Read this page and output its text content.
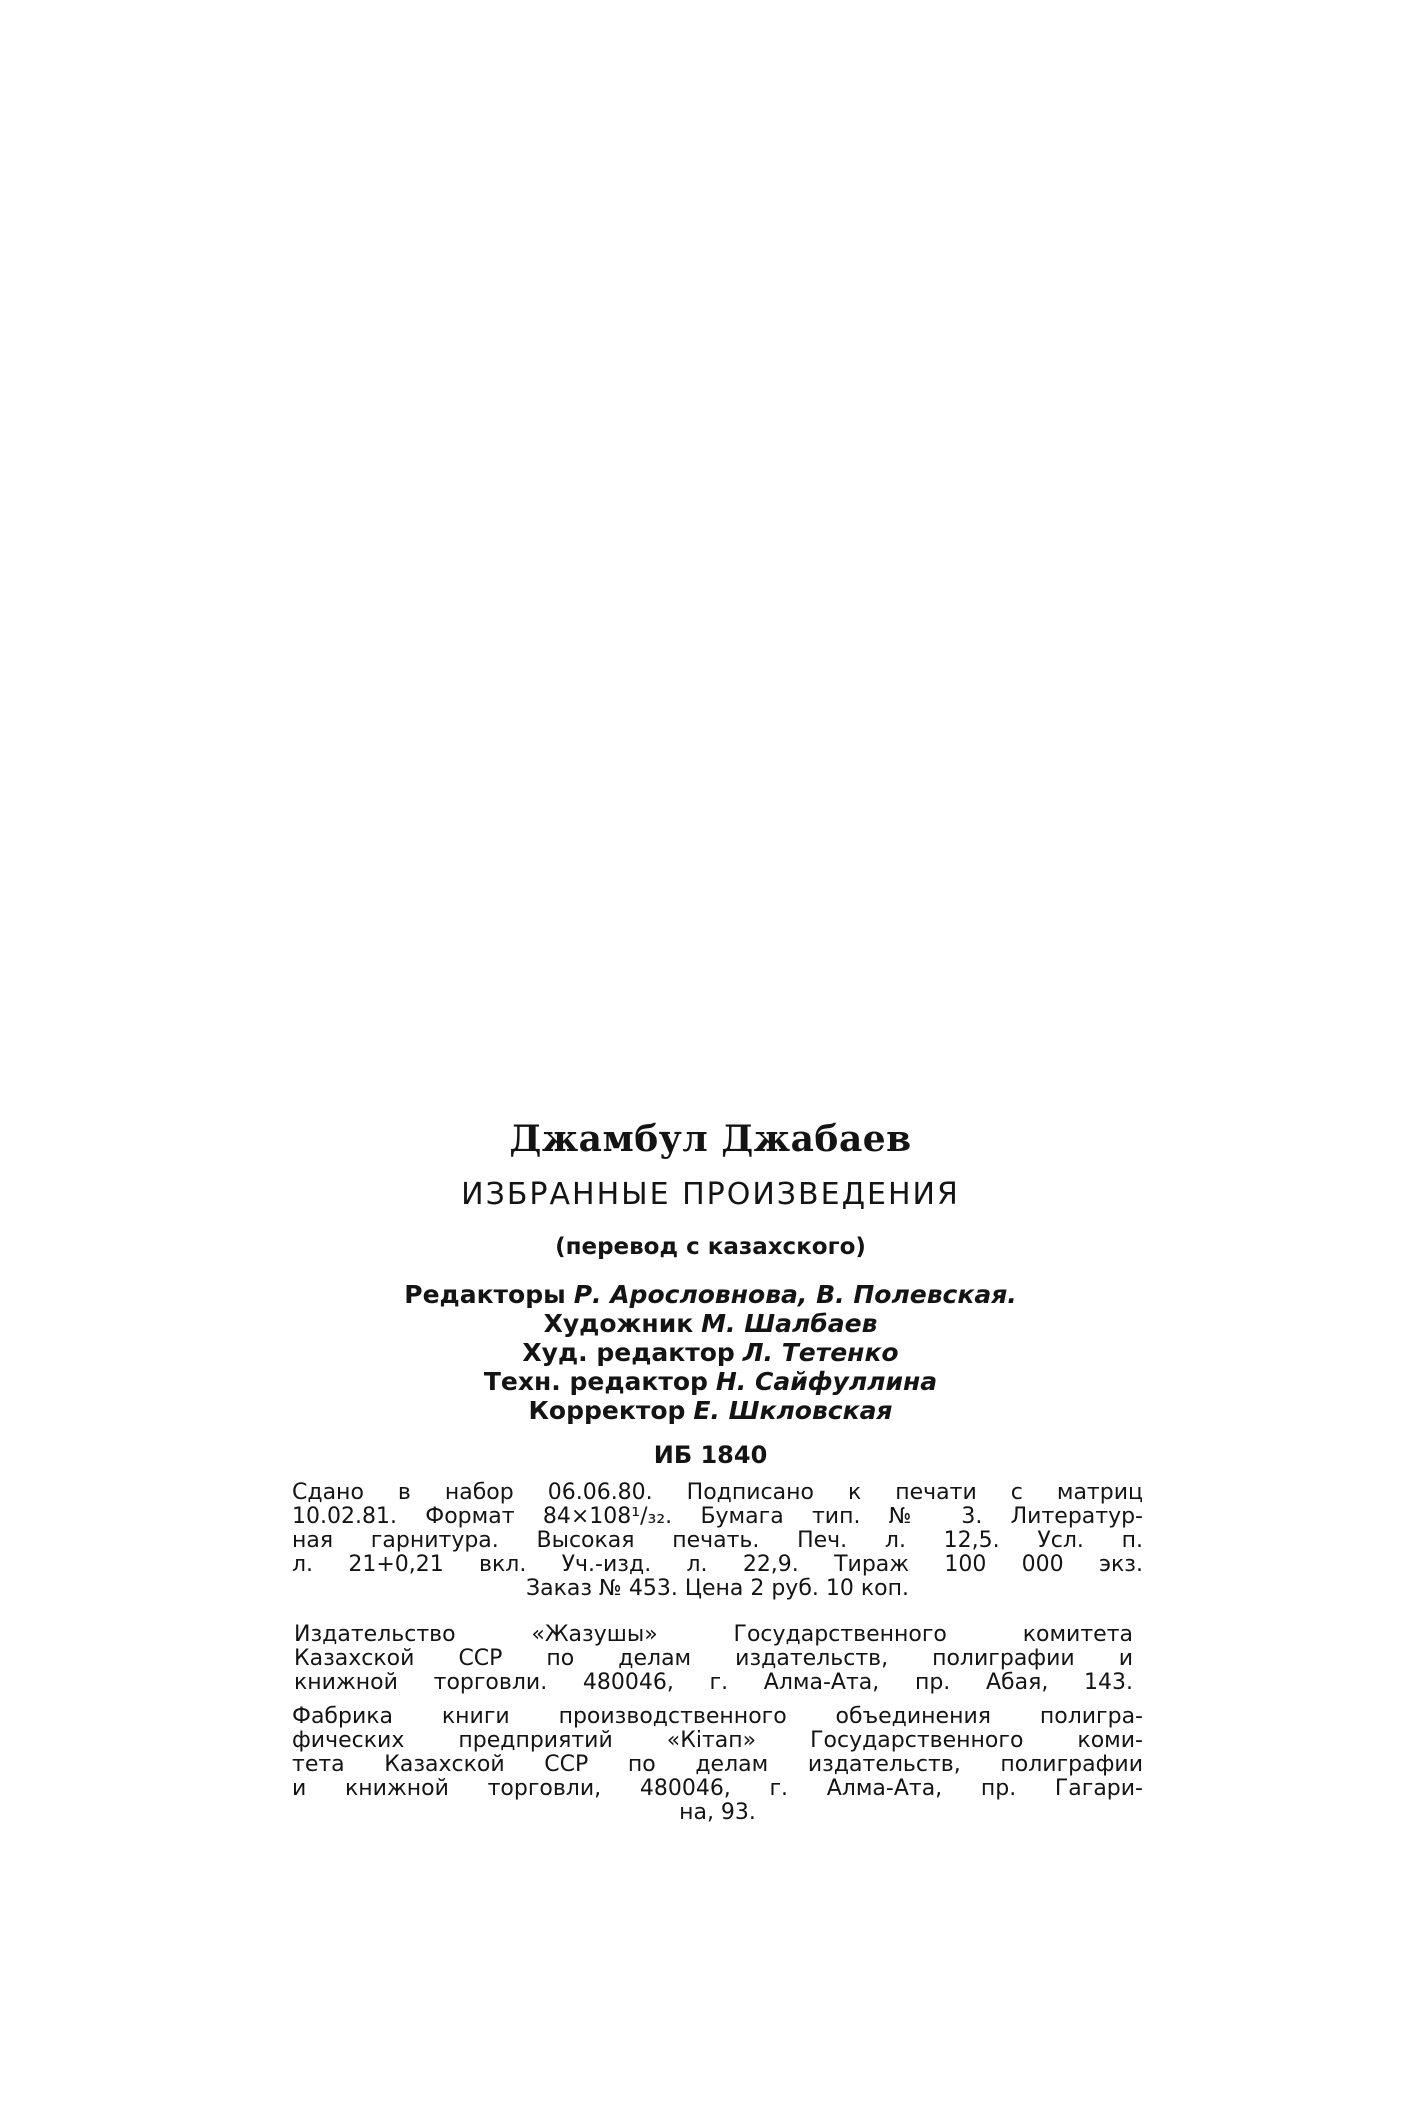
Джамбул Джабаев
ИЗБРАННЫЕ ПРОИЗВЕДЕНИЯ
(перевод с казахского)
Редакторы Р. Арословнова, В. Полевская.
Художник М. Шалбаев
Худ. редактор Л. Тетенко
Техн. редактор Н. Сайфуллина
Корректор Е. Шкловская
ИБ 1840

Сдано в набор 06.06.80. Подписано к печати с матриц

10.02.81. Формат 84×108¹/₃₂. Бумага тип. № 3. Литератур-

ная гарнитура. Высокая печать. Печ. л. 12,5. Усл. п.

л. 21+0,21 вкл. Уч.-изд. л. 22,9. Тираж 100 000 экз.

Заказ № 453. Цена 2 руб. 10 коп.

Издательство «Жазушы» Государственного комитета

Казахской ССР по делам издательств, полиграфии и

книжной торговли. 480046, г. Алма-Ата, пр. Абая, 143.

Фабрика книги производственного объединения полигра-

фических предприятий «Кітап» Государственного коми-

тета Казахской ССР по делам издательств, полиграфии

и книжной торговли, 480046, г. Алма-Ата, пр. Гагари-

на, 93.
